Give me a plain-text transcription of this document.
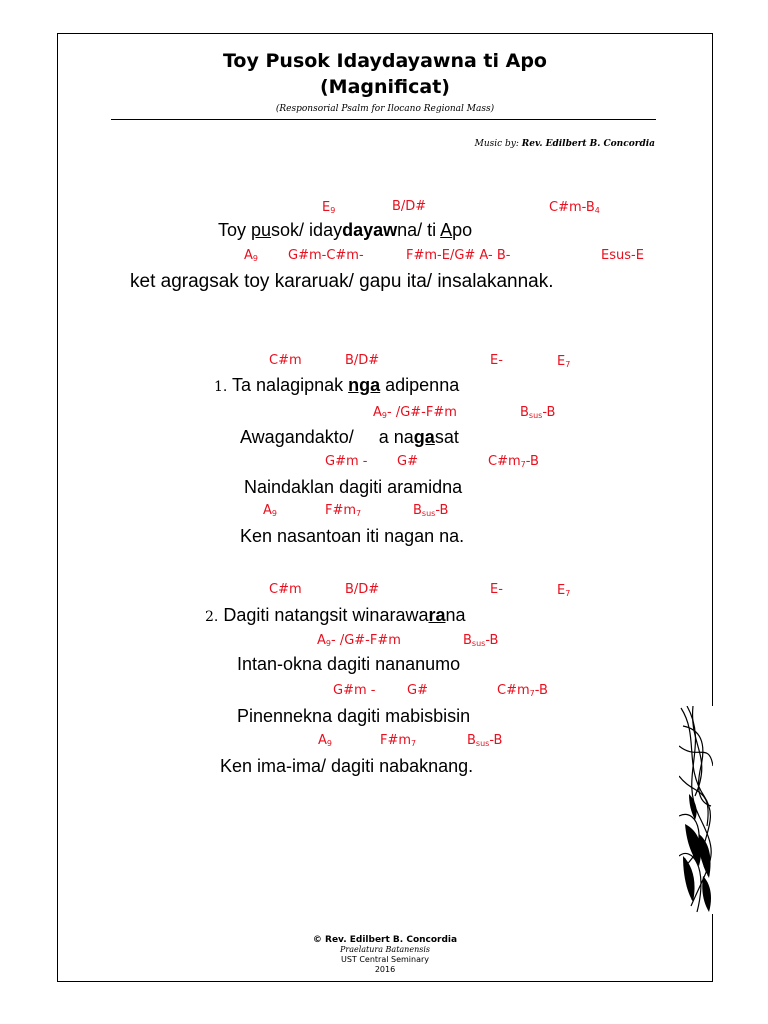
Toy Pusok Idaydayawna ti Apo
(Magnificat)
(Responsorial Psalm for Ilocano Regional Mass)
Music by: Rev. Edilbert B. Concordia
$E_9$	B/D#	$C\#m-B_4$
Toy pusok/ idaydayawna/ ti Apo
$A_9$ G#m-C#m-	F#m-E/G# A- B-	Esus-E
ket agragsak toy kararuak/ gapu ita/ insalakannak.
C#m	B/D#	E-	$E_7$
1. Ta nalagipnak nga adipenna
$A_9-$ /G#-F#m	$B_{sus}-B$
Awagandakto/     a nagasat
G#m - G#	$C\#m_7-B$
Naindaklan dagiti aramidna
$A_9$	$F\#m_7$	$B_{sus}-B$
Ken nasantoan iti nagan na.
C#m	B/D#	E-	$E_7$
2. Dagiti natangsit winarawarana
$A_9-$ /G#-F#m	$B_{sus}-B$
Intan-okna dagiti nananumo
G#m - G#	$C\#m_7-B$
Pinennekna dagiti mabisbisin
$A_9$	$F\#m_7$	$B_{sus}-B$
Ken ima-ima/ dagiti nabaknang.
© Rev. Edilbert B. Concordia
Praelatura Batanensis
UST Central Seminary
2016
